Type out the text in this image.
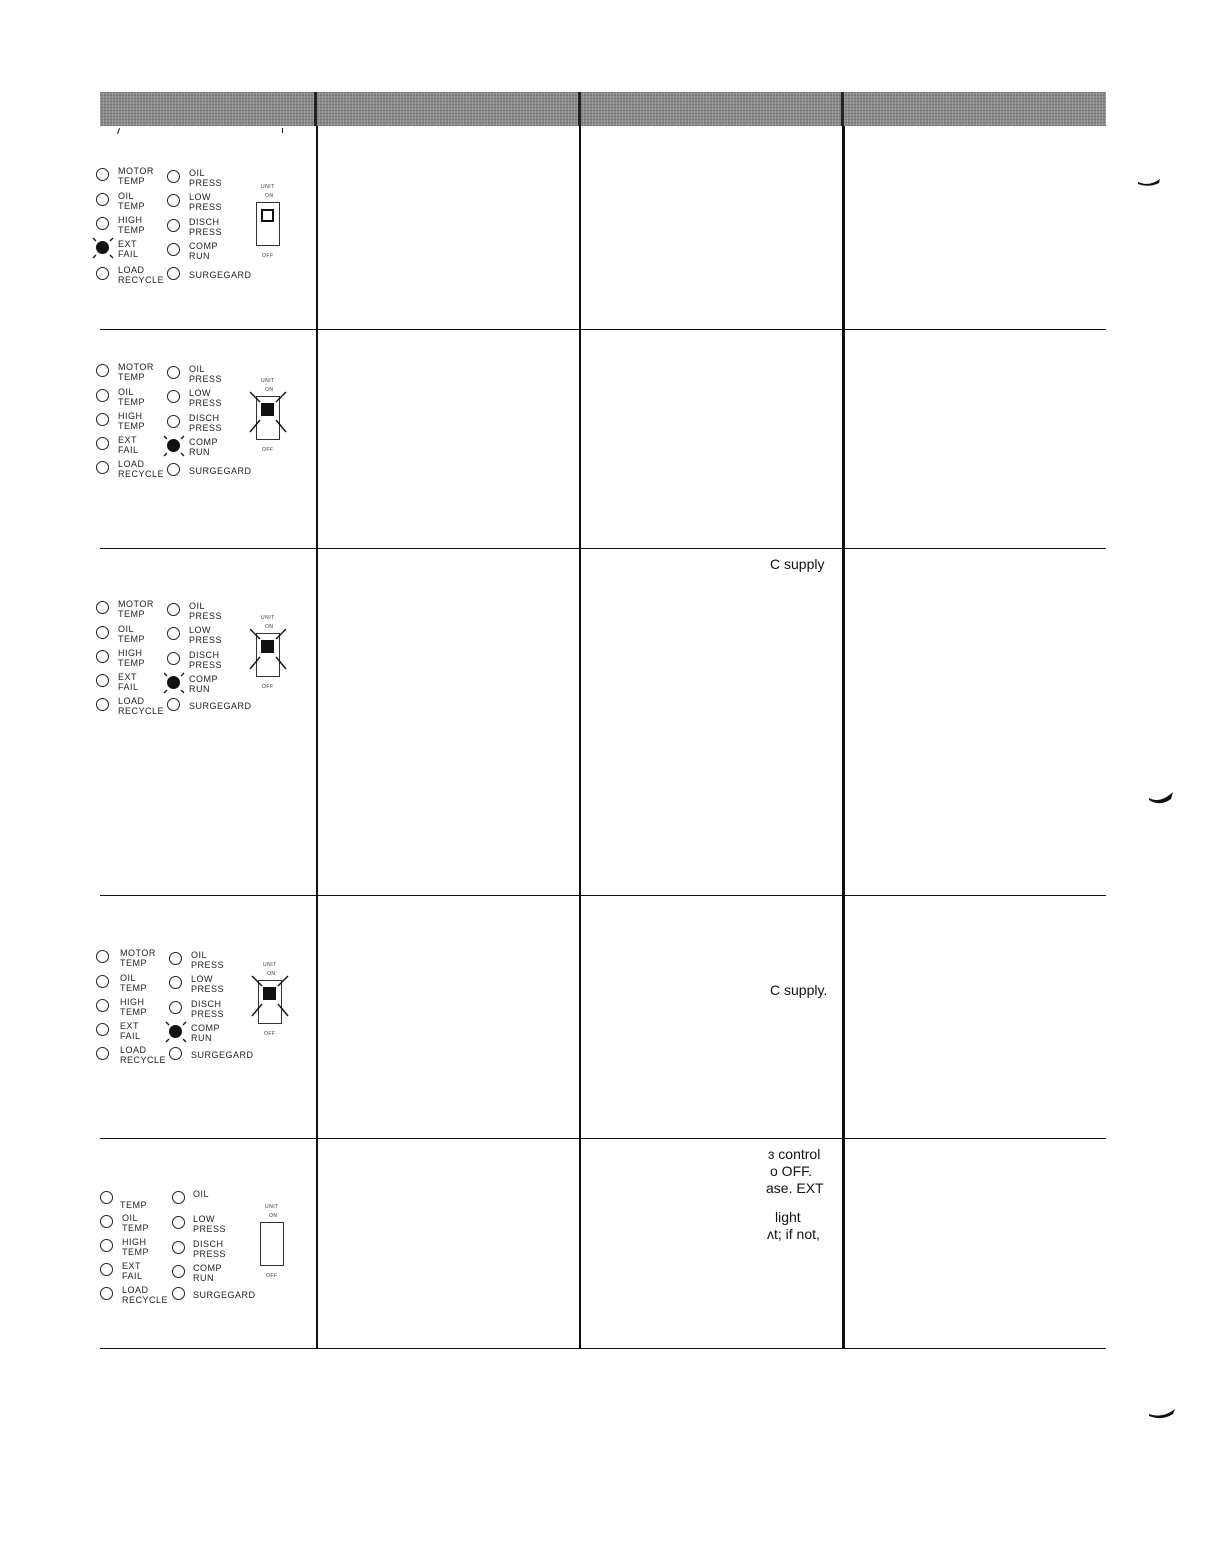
MOTOR
TEMP
OIL
TEMP
HIGH
TEMP
EXT
FAIL
LOAD
RECYCLE
OIL
PRESS
LOW
PRESS
DISCH
PRESS
COMP
RUN
SURGEGARD
UNIT
ON
OFF
MOTOR
TEMP
OIL
TEMP
HIGH
TEMP
EXT
FAIL
LOAD
RECYCLE
OIL
PRESS
LOW
PRESS
DISCH
PRESS
COMP
RUN
SURGEGARD
UNIT
ON
OFF
MOTOR
TEMP
OIL
TEMP
HIGH
TEMP
EXT
FAIL
LOAD
RECYCLE
OIL
PRESS
LOW
PRESS
DISCH
PRESS
COMP
RUN
SURGEGARD
UNIT
ON
OFF
C supply
MOTOR
TEMP
OIL
TEMP
HIGH
TEMP
EXT
FAIL
LOAD
RECYCLE
OIL
PRESS
LOW
PRESS
DISCH
PRESS
COMP
RUN
SURGEGARD
UNIT
ON
OFF
C supply.
TEMP
OIL
TEMP
HIGH
TEMP
EXT
FAIL
LOAD
RECYCLE
OIL
LOW
PRESS
DISCH
PRESS
COMP
RUN
SURGEGARD
UNIT
ON
OFF
ɜ control
o OFF.
ase. EXT
light
ʌt; if not,
